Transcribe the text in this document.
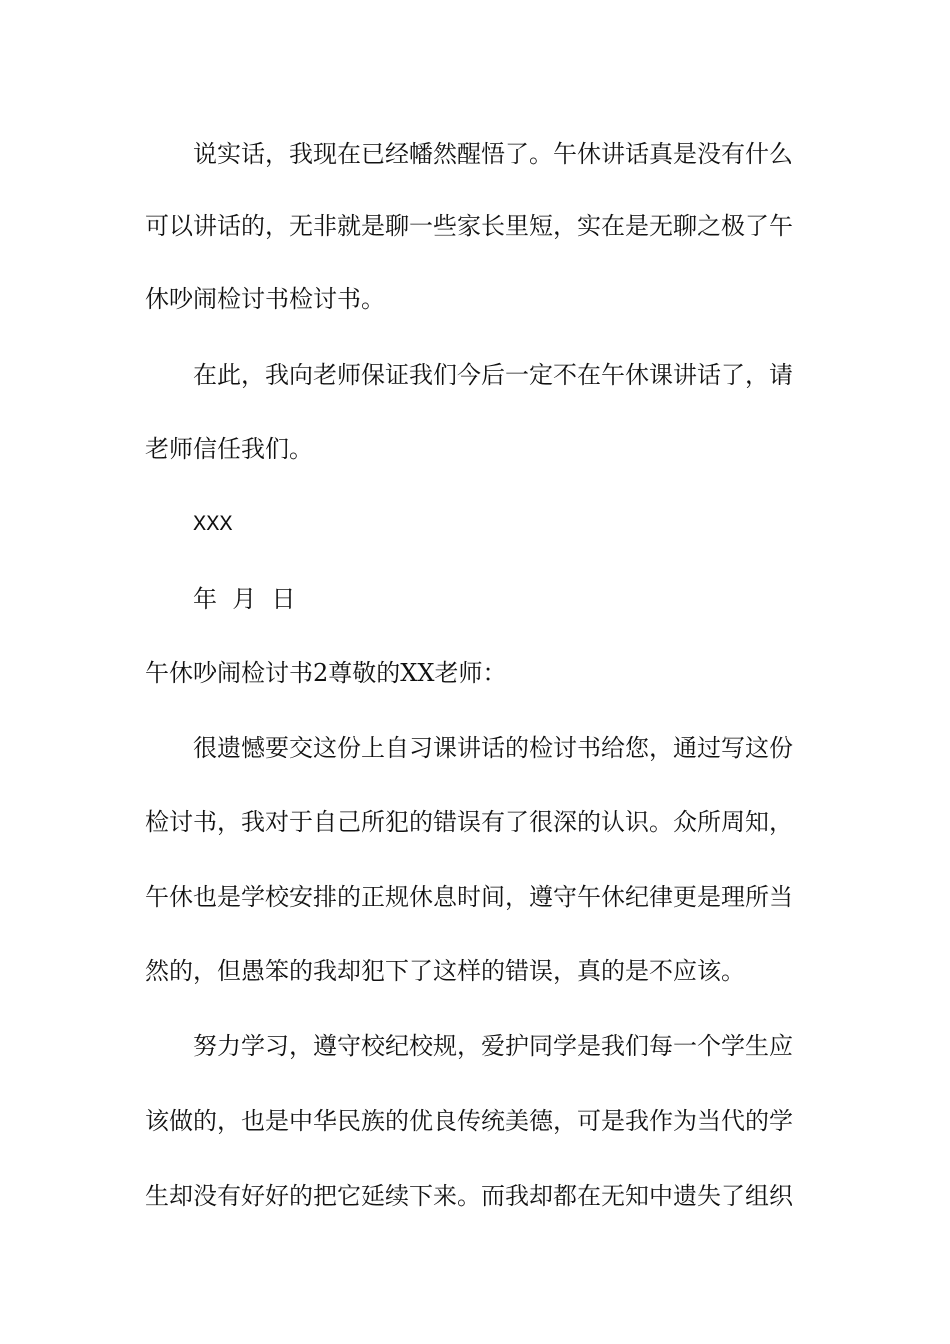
说实话，我现在已经幡然醒悟了。午休讲话真是没有什么
可以讲话的，无非就是聊一些家长里短，实在是无聊之极了午
休吵闹检讨书检讨书。
在此，我向老师保证我们今后一定不在午休课讲话了，请
老师信任我们。
XXX
年  月  日
午休吵闹检讨书2尊敬的XX老师：
很遗憾要交这份上自习课讲话的检讨书给您，通过写这份
检讨书，我对于自己所犯的错误有了很深的认识。众所周知，
午休也是学校安排的正规休息时间，遵守午休纪律更是理所当
然的，但愚笨的我却犯下了这样的错误，真的是不应该。
努力学习，遵守校纪校规，爱护同学是我们每一个学生应
该做的，也是中华民族的优良传统美德，可是我作为当代的学
生却没有好好的把它延续下来。而我却都在无知中遗失了组织
